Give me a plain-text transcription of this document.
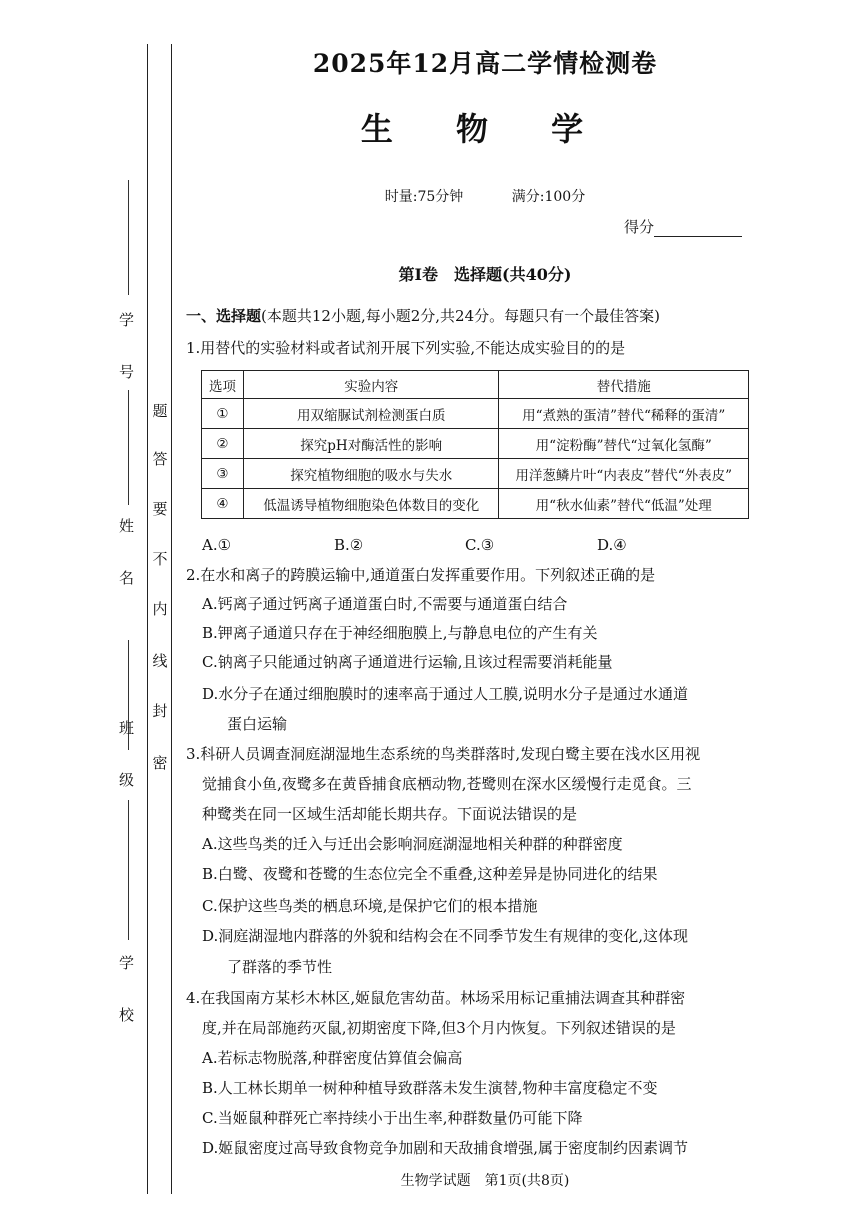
学 号
姓 名
班 级
学 校
题
答
要
不
内
线
封
密
2025年12月高二学情检测卷
生 物 学
时量:75分钟	满分:100分
得分
第Ⅰ卷　选择题(共40分)
一、选择题(本题共12小题,每小题2分,共24分。每题只有一个最佳答案)
1.用替代的实验材料或者试剂开展下列实验,不能达成实验目的的是
选项	实验内容	替代措施
①	用双缩脲试剂检测蛋白质	用“煮熟的蛋清”替代“稀释的蛋清”
②	探究pH对酶活性的影响	用“淀粉酶”替代“过氧化氢酶”
③	探究植物细胞的吸水与失水	用洋葱鳞片叶“内表皮”替代“外表皮”
④	低温诱导植物细胞染色体数目的变化	用“秋水仙素”替代“低温”处理
A.①	B.②	C.③	D.④
2.在水和离子的跨膜运输中,通道蛋白发挥重要作用。下列叙述正确的是
A.钙离子通过钙离子通道蛋白时,不需要与通道蛋白结合
B.钾离子通道只存在于神经细胞膜上,与静息电位的产生有关
C.钠离子只能通过钠离子通道进行运输,且该过程需要消耗能量
D.水分子在通过细胞膜时的速率高于通过人工膜,说明水分子是通过水通道
蛋白运输
3.科研人员调查洞庭湖湿地生态系统的鸟类群落时,发现白鹭主要在浅水区用视
觉捕食小鱼,夜鹭多在黄昏捕食底栖动物,苍鹭则在深水区缓慢行走觅食。三
种鹭类在同一区域生活却能长期共存。下面说法错误的是
A.这些鸟类的迁入与迁出会影响洞庭湖湿地相关种群的种群密度
B.白鹭、夜鹭和苍鹭的生态位完全不重叠,这种差异是协同进化的结果
C.保护这些鸟类的栖息环境,是保护它们的根本措施
D.洞庭湖湿地内群落的外貌和结构会在不同季节发生有规律的变化,这体现
了群落的季节性
4.在我国南方某杉木林区,姬鼠危害幼苗。林场采用标记重捕法调查其种群密
度,并在局部施药灭鼠,初期密度下降,但3个月内恢复。下列叙述错误的是
A.若标志物脱落,种群密度估算值会偏高
B.人工林长期单一树种种植导致群落未发生演替,物种丰富度稳定不变
C.当姬鼠种群死亡率持续小于出生率,种群数量仍可能下降
D.姬鼠密度过高导致食物竞争加剧和天敌捕食增强,属于密度制约因素调节
生物学试题　第1页(共8页)
